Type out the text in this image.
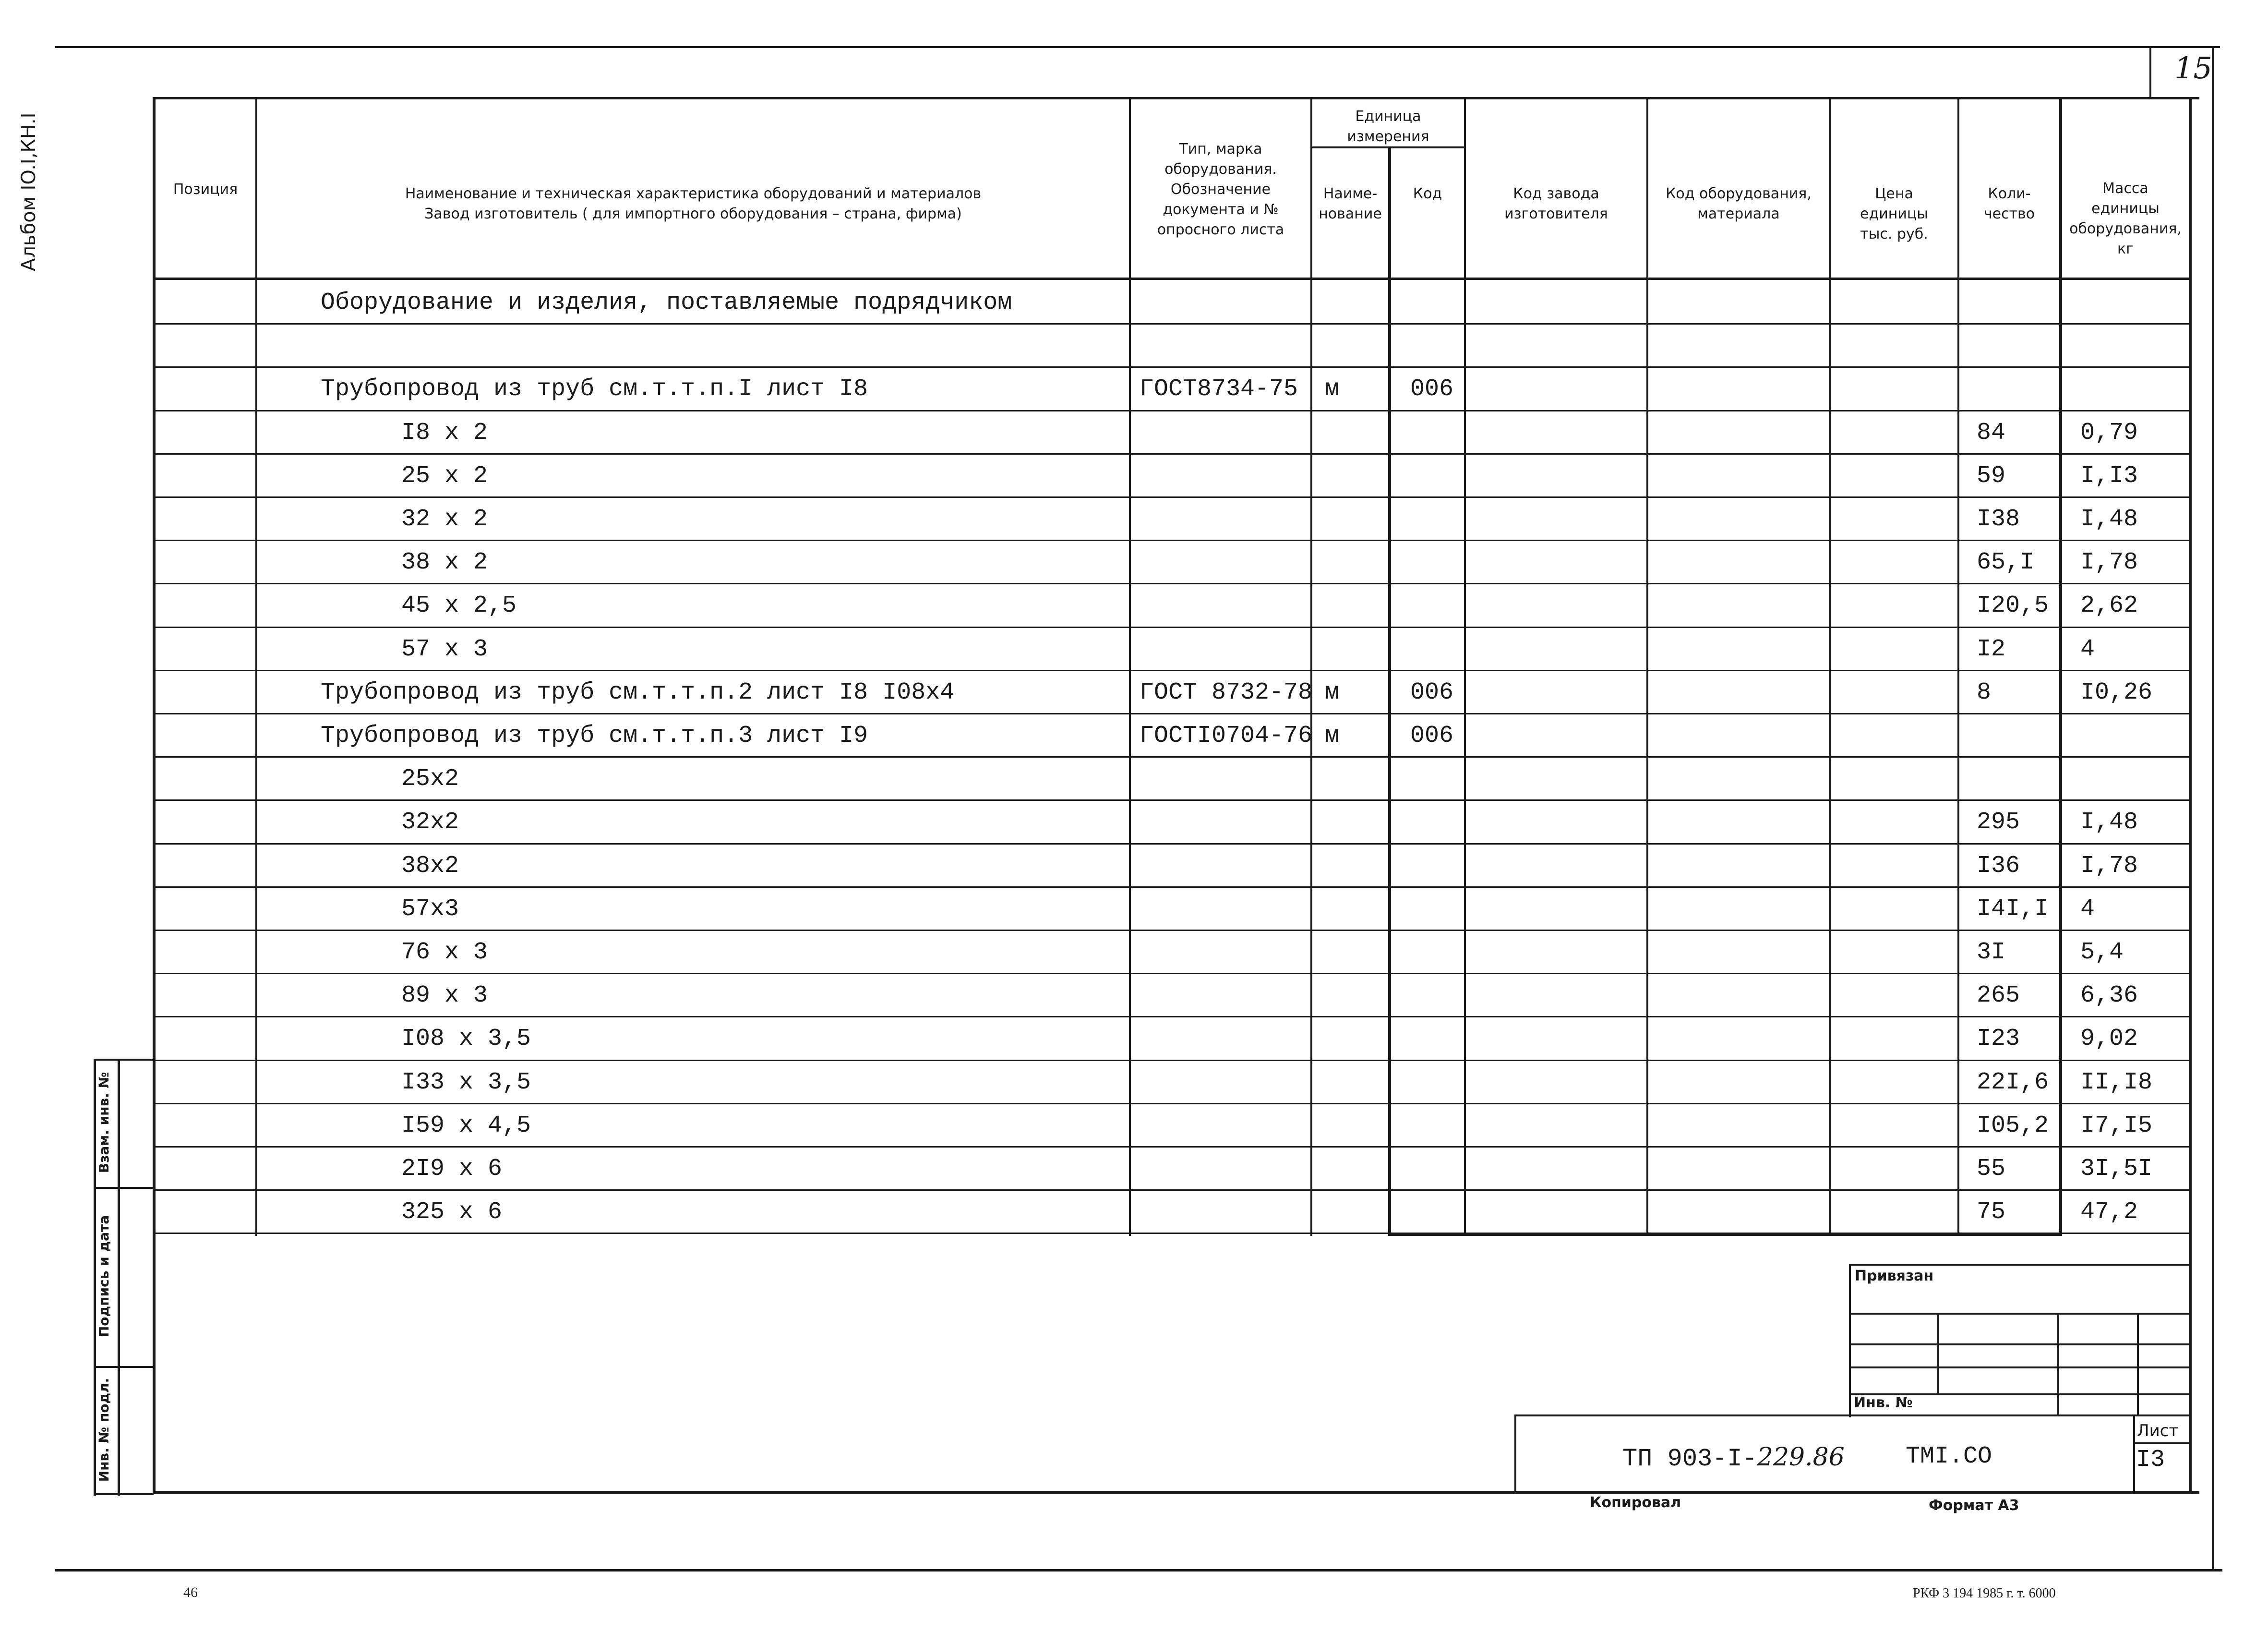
15
Альбом IO.I,КН.I
Взам. инв. №
Подпись и дата
Инв. № подл.
Позиция	Наименование и техническая характеристика оборудований и материалов
Завод изготовитель ( для импортного оборудования – страна, фирма)
Тип, марка
оборудования.
Обозначение
документа и №
опросного листа
Единица
измерения
Наиме-
нование
Код	Код завода
изготовителя
Код оборудования,
материала
Цена
единицы
тыс. руб.
Коли-
чество
Масса
единицы
оборудования,
кг
Оборудование и изделия, поставляемые подрядчиком
Трубопровод из труб см.т.т.п.I лист I8	ГОСТ8734-75 м	006
I8 x 2	84	0,79
25 x 2	59	I,I3
32 x 2	I38	I,48
38 x 2	65,I I,78
45 x 2,5	I20,5 2,62
57 x 3	I2	4
Трубопровод из труб см.т.т.п.2 лист I8 I08x4	ГОСТ 8732-78 м	006	8	I0,26
Трубопровод из труб см.т.т.п.3 лист I9	ГОСТI0704-76 м	006
25x2
32x2	295	I,48
38x2	I36	I,78
57x3	I4I,I 4
76 x 3	3I	5,4
89 x 3	265	6,36
I08 x 3,5	I23	9,02
I33 x 3,5	22I,6 II,I8
I59 x 4,5	I05,2 I7,I5
2I9 x 6	55	3I,5I
325 x 6	75	47,2
Привязан
Инв. №
Лист
I3
ТП 903-I-229.86	ТМI.СО
Копировал	Формат А3
46	РКФ 3 194 1985 г. т. 6000
